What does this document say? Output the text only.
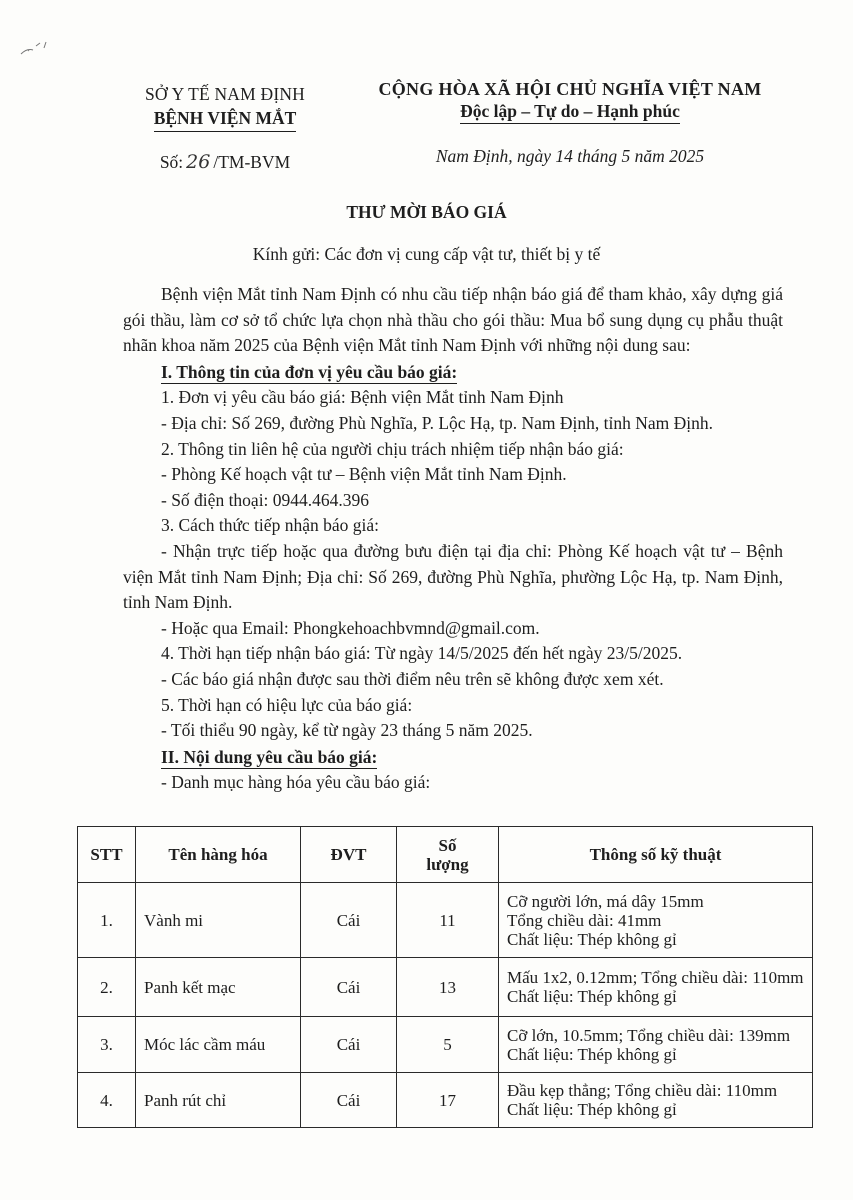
SỞ Y TẾ NAM ĐỊNH
BỆNH VIỆN MẮT
Số: 26 /TM-BVM
CỘNG HÒA XÃ HỘI CHỦ NGHĨA VIỆT NAM
Độc lập – Tự do – Hạnh phúc
Nam Định, ngày 14 tháng 5 năm 2025
THƯ MỜI BÁO GIÁ
Kính gửi: Các đơn vị cung cấp vật tư, thiết bị y tế

Bệnh viện Mắt tỉnh Nam Định có nhu cầu tiếp nhận báo giá để tham khảo, xây dựng giá gói thầu, làm cơ sở tổ chức lựa chọn nhà thầu cho gói thầu: Mua bổ sung dụng cụ phẫu thuật nhãn khoa năm 2025 của Bệnh viện Mắt tỉnh Nam Định với những nội dung sau:

I. Thông tin của đơn vị yêu cầu báo giá:

1. Đơn vị yêu cầu báo giá: Bệnh viện Mắt tỉnh Nam Định

- Địa chỉ: Số 269, đường Phù Nghĩa, P. Lộc Hạ, tp. Nam Định, tỉnh Nam Định.

2. Thông tin liên hệ của người chịu trách nhiệm tiếp nhận báo giá:

- Phòng Kế hoạch vật tư – Bệnh viện Mắt tỉnh Nam Định.

- Số điện thoại: 0944.464.396

3. Cách thức tiếp nhận báo giá:

- Nhận trực tiếp hoặc qua đường bưu điện tại địa chỉ: Phòng Kế hoạch vật tư – Bệnh viện Mắt tỉnh Nam Định; Địa chỉ: Số 269, đường Phù Nghĩa, phường Lộc Hạ, tp. Nam Định, tỉnh Nam Định.

- Hoặc qua Email: Phongkehoachbvmnd@gmail.com.

4. Thời hạn tiếp nhận báo giá: Từ ngày 14/5/2025 đến hết ngày 23/5/2025.

- Các báo giá nhận được sau thời điểm nêu trên sẽ không được xem xét.

5. Thời hạn có hiệu lực của báo giá:

- Tối thiểu 90 ngày, kể từ ngày 23 tháng 5 năm 2025.

II. Nội dung yêu cầu báo giá:

- Danh mục hàng hóa yêu cầu báo giá:

STT	Tên hàng hóa	ĐVT	Số lượng	Thông số kỹ thuật
1.	Vành mi	Cái	11	Cỡ người lớn, má dây 15mm
Tổng chiều dài: 41mm
Chất liệu: Thép không gỉ

2.	Panh kết mạc	Cái	13	Mấu 1x2, 0.12mm; Tổng chiều dài: 110mm
Chất liệu: Thép không gỉ

3.	Móc lác cầm máu	Cái	5	Cỡ lớn, 10.5mm; Tổng chiều dài: 139mm
Chất liệu: Thép không gỉ

4.	Panh rút chỉ	Cái	17	Đầu kẹp thẳng; Tổng chiều dài: 110mm
Chất liệu: Thép không gỉ
